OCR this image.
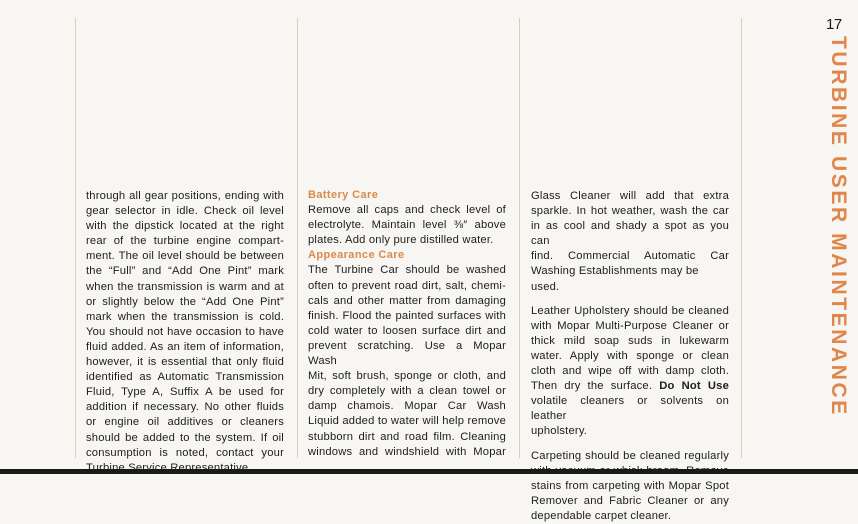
17
TURBINE USER MAINTENANCE

through all gear positions, ending with

gear selector in idle. Check oil level

with the dipstick located at the right

rear of the turbine engine compart-

ment. The oil level should be between

the “Full” and “Add One Pint” mark

when the transmission is warm and at

or slightly below the “Add One Pint”

mark when the transmission is cold.

You should not have occasion to have

fluid added. As an item of information,

however, it is essential that only fluid

identified as Automatic Transmission

Fluid, Type A, Suffix A be used for

addition if necessary. No other fluids

or engine oil additives or cleaners

should be added to the system. If oil

consumption is noted, contact your

Turbine Service Representative.

Battery Care

Remove all caps and check level of

electrolyte. Maintain level ⅜″ above

plates. Add only pure distilled water.

Appearance Care

The Turbine Car should be washed

often to prevent road dirt, salt, chemi-

cals and other matter from damaging

finish. Flood the painted surfaces with

cold water to loosen surface dirt and

prevent scratching. Use a Mopar Wash

Mit, soft brush, sponge or cloth, and

dry completely with a clean towel or

damp chamois. Mopar Car Wash

Liquid added to water will help remove

stubborn dirt and road film. Cleaning

windows and windshield with Mopar

Glass Cleaner will add that extra

sparkle. In hot weather, wash the car

in as cool and shady a spot as you can

find. Commercial Automatic Car

Washing Establishments may be used.

Leather Upholstery should be cleaned

with Mopar Multi-Purpose Cleaner or

thick mild soap suds in lukewarm

water. Apply with sponge or clean

cloth and wipe off with damp cloth.

Then dry the surface. Do Not Use

volatile cleaners or solvents on leather

upholstery.

Carpeting should be cleaned regularly

with vacuum or whisk broom. Remove

stains from carpeting with Mopar Spot

Remover and Fabric Cleaner or any

dependable carpet cleaner.
